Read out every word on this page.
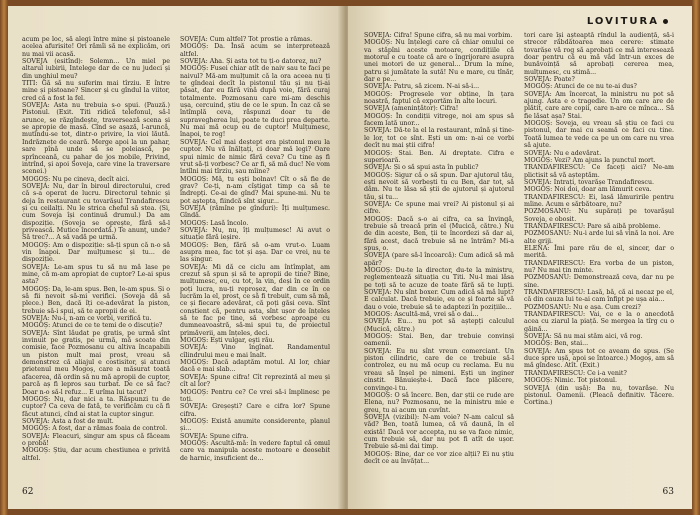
acum pe loc, să alegi între mine și pistoanele acelea afurisite! Ori rămîi să ne explicăm, ori nu mai vii acasă.

SOVEJA (esitînd): Solemn... Un miel pe altarul iubirii, Intelege dar de ce nu judeci și din unghiul meu?

TITI: Gă să nu suferim mai tîrziu. E între mine și pistoane? Sincer și cu gîndul la viitor, cred că a fost la fel.

SOVEJA: Asta nu trebuia s-o spui. (Pauză.) Pistonul. (Exit. Titi ridică telefonul, să-l arunce, se răzgîndește, traversează scena și se apropie de masă. Cînd se așază, l-aruncă, mutîndu-se tot, dintr-o privire, la vioi lăută. Indrăznețe de ceară. Merge apoi la un pahar, sare pînă unde să se poleiască, pe sprînceană, cu pahar de jos mobile, Privind, intrînd, și apoi Soveja, care vine la traversare scenei.)

MOGOȘ: Nu pe cineva, decît aici.

SOVEJA: Nu, dar în biroul directorului, cred că s-a operat de lucru. Directorul tehnic și deja în restaurant cu tovarășul Trandafirescu și cu ceilalți. Nu le strica cheful să stea. (Si, cum Soveja își continuă drumul.) Da am dispoziție. (Soveja se oprește, fără să-l privească. Mutice încordată.) Te anunț, unde? Să trec?... A să vadă pe urmă.

MOGOȘ: Am o dispoziție: să-ți spun că n-o să vin înapoi. Dar mulțumesc și tu... de dispoziție.

SOVEJA: Le-am spus tu să nu mă lase pe mine, că m-am apropiat de cuptor? Le-ai spus asta?

MOGOȘ: Da, le-am spus. Ben, le-am spus. Și o să fii nevoit să-mi verifici. (Soveja dă să plece.) Ben, dacă îți ce-adevărat la piston, trebuie să-i spui, să te apropii de ei.

SOVEJA: Nu-i, n-am ce vorbi, verifică tu.

MOGOȘ: Atunci de ce te temi de o discuție?

SOVEJA: Sînt lăudat pe gratis, pe urmă sînt invinuit pe gratis, pe urmă, mă scoate din comisie, face Pozmosanu cu altiva încapabili un piston mult mai prost, vreau să demonstrez că aliajul e costisitor, și atunci prietenul meu Mogoș, care a măsurat toată afacerea, dă ordin să nu mă apropii de cuptor, parcă aș fi lepros sau turbat. De ce să fac? Doar n-o să-l refuz... E urîma lui tacut?

MOGOȘ: Nu, dar nici a ta. Răspunzi tu de cuptor? Ca ceva de fată, te verificăm cu că fi făcut atunci, cînd ai stat la cuptor singur.

SOVEJA: Asta a fost de mult.

MOGOȘ: A fost, dar a rămas foaia de control.

SOVEJA: Fleacuri, singur am spus că făceam o probă!

MOGOȘ: Știu, dar acum chestiunea e privită altfel.

SOVEJA: Cum altfel? Tot prostie a rămas.

MOGOȘ: Da. Însă acum se interpretează altfel.

SOVEJA: Aha. Și asta tot tu ți-o datorez, nu?

MOGOȘ: Fusei chiar atît de naiv sau te faci pe naivul? Mă-am mulțumit că la ora aceea nu ți te gîndeai decît la pistonul tău și nu ți-ai păsat, dar eu fără vină după voie, fără curaj totalmente. Pozmosanu care mi-am deschis ușa, cercuind, știu de ce le spun. În caz că se întîmplă ceva, răspunzi doar tu de supravegherea lui, poate te duci prea departe. Nu mai mă ocup eu de cuptor! Mulțumesc, înapoi, te rog!

SOVEJA: Cel mai deștept era pistonul meu la cuptor. Nu vă înălțați, ci doar mă legi? Oare spui nimic de nimic fără ceva? Cu tine aș fi vrut să-ți vorbesc? Ce ar fi, să mă duc! Ne vom întîlni mai tîrziu, sau mîine?

MOGOȘ: Mă, tu ești bolnav! Cît o să fie de grav? Ce-ți, n-am cîștigat timp ca să te îndrepți. Ce-ai de gînd? Mai spune-mi. Nu te pot aștepta, fiindcă sînt sigur...

SOVEJA (rămîne pe gînduri): Îți mulțumesc. Gîndă.

MOGOȘ: Lasă încolo.

SOVEJA: Nu, nu, îți mulțumesc! Ai avut o situație fără ieșire.

MOGOȘ: Ben, fără să o-am vrut-o. Luam asupra mea, fac tot și așa. Dar ce vrei, nu te las singur.

SOVEJA: Mi dă ce ciclu am întîmplat, am crezut să spun și să te apropii de tine? Bine, mulțumesc, eu, cu tot, la vin, deși în ce ordin poți lucra, nu-ți reproșez, dar din ce în ce lucrăm la el, prost, ce să fi trebuit, cum să mă, ce și fiecare adevărat, că poți găsi ceva. Sînt conștient că, pentru asta, sînt ușor de înțeles să te fac pe tine, să vorbesc aproape cu dumneavoastră, să-mi spui tu, de proiectul primăverii, am înțeles, deci.

MOGOȘ: Ești vulgar, eşti rău.

SOVEJA: Vino îngînat. Randamentul cîlindrului meu e mai înalt.

MOGOȘ: Dacă adaptăm motul. Al lor, chiar dacă e mai slab...

SOVEJA: Spune cifra! Cît reprezintă al meu și cît al lor?

MOGOȘ: Pentru ce? Ce vrei să-i împlinesc pe toți.

SOVEJA: Greșești? Care e cifra lor? Spune cifra.

MOGOȘ: Există anumite considerente, planul și...

SOVEJA: Spune cifra.

MOGOȘ: Ascultă-mă: în vedere faptul că omul care va manipula aceste motoare e deosebit de harnic, insuficient de...

62
LOVITURA

SOVEJA: Cifra! Spune cifra, să nu mai vorbim.

MOGOȘ: Nu înțelegi care că chiar omului ce va stăpîni aceste motoare, condițiile că motorul e cu toate că are o îngrijorare asupra unei motori de uz general... Drum la mine, patru și jumătate la sută! Nu e mare, cu tînăr, dar e pe...

SOVEJA: Patru, să zicem. N-ai să-i...

MOGOȘ: Progresele vor obține, în țara noastră, faptul că exportăm în alte locuri.

SOVEJA (amenințător): Cifra!

MOGOȘ: În condiții vitrege, noi am spus să facem lată unor...

SOVEJA: Dă-te la el la restaurant, mînă și tine-le lor, tot ce sînt. Ești un om: n-ai ce vorbi decît nu mai știi cifra!

MOGOȘ: Stai. Ben. Ai dreptate. Cifra e superioară.

SOVEJA: Și o să spui asta în public?

MOGOȘ: Sigur că o să spun. Dar ajutorul tău, ești nevoit să vorbești tu cu Ben, dar tot, să dăm. Nu te lăsa să știi de ajutorul și ajutorul tău, și tu...

SOVEJA: Ce spune mai vrei? Ai pistonul și ai cifre.

MOGOȘ: Dacă s-o ai cifra, ca sa învingă, trebuie să treacă prin el (Mucică, către.) Nu de din aceste, Ben, ții te încordezi să dar ai, fără acest, dacă trebuie să ne întrăm? Mi-a spus, o.

SOVEJA (pare să-l încoarcă): Cum adică să mă apăr?

MOGOȘ: Du-te la director, du-te la ministru, reglementează situația cu Titi. Nu-l mai lăsa pe toți să te acuze de toate fără să te lupți. SOVEJA: Nu sînt boxer. Cum adică să mă lupt? E calculat. Dacă trebuie, eu ce și foarte să vă dau o voie, trebuie să te adaptezi în pozițiile...

MOGOȘ: Ascultă-mă, vrei să o dai...

SOVEJA: Eu... nu pot să aștepți calculul (Mucică, către.)

MOGOȘ: Stai. Ben, dar trebuie convinși oamenii.

SOVEJA: Eu nu sînt vreun comerciant. Un piston cilindric, care de ce trebuie să-l controlez, eu nu mă ocup cu reclama. Eu nu vreau să înșel pe nimeni. Ești un inginer cinstit. Bănuiește-i. Dacă face plăcere, convinge-i tu.

MOGOȘ: O să încerc. Ben, dar știi ce rude are Elena, nu? Pozmosanu, ne la ministru mie e greu, tu ai acum un cuvînt.

SOVEJA (vizibil): N-am voie? N-am calcul să văd? Ben, toată lumea, că vă daună, în el există! Dacă vor accepta, nu se va face nimic, cum trebuie să, dar nu pot fi atît de ușor. Trebuie să-mi dai timp.

MOGOȘ: Bine, dar ce vor zice alții? Ei nu știu decît ce au învățat...

tori care își așteaptă rîndul la audiență, să-i strecor răbdătoarea mea cerere: stimate tovarășe vă rog să aprobați ce mă interesează doar pentru că eu mă văd într-un exces de bunăvoință să aprobați cererea mea, mulțumesc, cu stimă...

SOVEJA: Poate?

MOGOȘ: Atunci de ce nu te-ai dus?

SOVEJA: Am încercat, la ministru nu pot să ajung. Asta e o tragedie. Un om care are de plătit, care are copii, care n-are ce mînca... Să fie lăsat așa? Stai.

MOGOȘ: Soveja, eu vreau să știu ce faci cu pistonul, dar mai cu seamă ce faci cu tine. Toată lumea te vede ca pe un om care nu vrea să ajute.

SOVEJA: Nu e adevărat.

MOGOȘ: Vezi? Am ajuns la punctul mort.

TRANDAFIRESCU: Ce faceți aici? Ne-am plictisit să vă așteptăm.

SOVEJA: Intrați, tovarășe Trandafirescu.

MOGOȘ: Noi doi, doar am lămurit ceva.

TRANDAFIRESCU: Ei, lasă lămuririle pentru mîine. Acum e sărbătoare, nu?

POZMOSANU: Nu supărați pe tovarășul Soveja, e obosit.

TRANDAFIRESCU: Pare să aibă probleme.

POZMOSANU: Nu-i arde lui să vină la noi. Are alte griji.

ELENA: Îmi pare rău de el, sincer, dar o merită.

TRANDAFIRESCU: Era vorba de un piston, nu? Nu mai țin minte.

POZMOSANU: Demonstrează ceva, dar nu pe sine.

TRANDAFIRESCU: Lasă, bă, că ai necaz pe el, că din cauza lui te-ai cam înfipt pe ușa aia...

POZMOSANU: Nu e așa. Cum crezi?

TRANDAFIRESCU: Vai, ce e la o anecdotă acea cu ziarul la piață. Se mergea la tîrg cu o găină...

SOVEJA: Să nu mai stăm aici, vă rog.

MOGOȘ: Ben, stai...

SOVEJA: Am spus tot ce aveam de spus. (Se duce spre ușă, apoi se întoarce.) Mogoș, am să mă gîndesc. Atît. (Exit.)

TRANDAFIRESCU: Ce i-a venit?

MOGOȘ: Nimic. Tot pistonul.

SOVEJA (din ușă): Ba nu, tovarășe. Nu pistonul. Oamenii. (Pleacă definitiv. Tăcere. Cortina.)

63
